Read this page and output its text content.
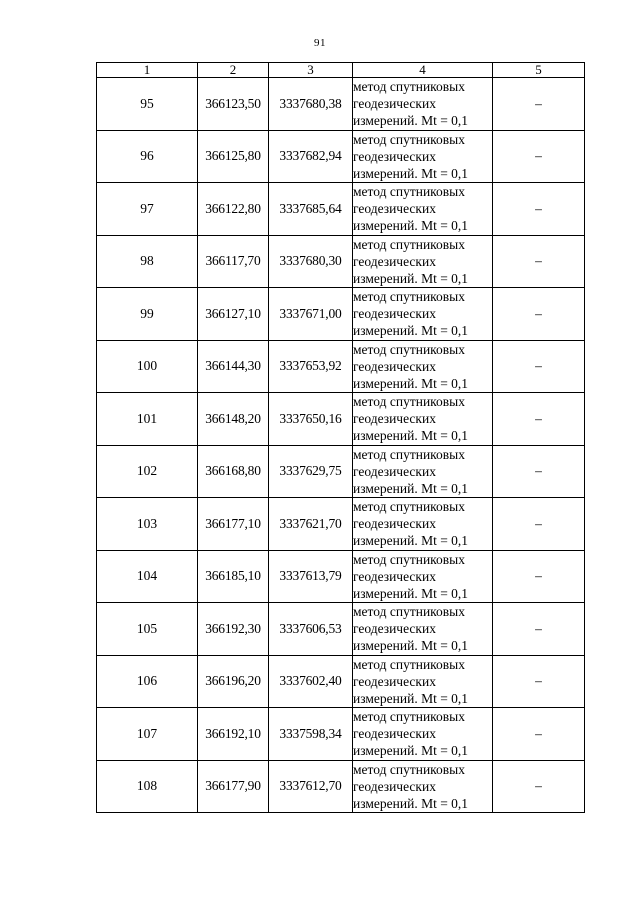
91
1	2	3	4	5
95	366123,50	3337680,38	метод спутниковых
геодезических
измерений. Mt = 0,1	–
96	366125,80	3337682,94	метод спутниковых
геодезических
измерений. Mt = 0,1	–
97	366122,80	3337685,64	метод спутниковых
геодезических
измерений. Mt = 0,1	–
98	366117,70	3337680,30	метод спутниковых
геодезических
измерений. Mt = 0,1	–
99	366127,10	3337671,00	метод спутниковых
геодезических
измерений. Mt = 0,1	–
100	366144,30	3337653,92	метод спутниковых
геодезических
измерений. Mt = 0,1	–
101	366148,20	3337650,16	метод спутниковых
геодезических
измерений. Mt = 0,1	–
102	366168,80	3337629,75	метод спутниковых
геодезических
измерений. Mt = 0,1	–
103	366177,10	3337621,70	метод спутниковых
геодезических
измерений. Mt = 0,1	–
104	366185,10	3337613,79	метод спутниковых
геодезических
измерений. Mt = 0,1	–
105	366192,30	3337606,53	метод спутниковых
геодезических
измерений. Mt = 0,1	–
106	366196,20	3337602,40	метод спутниковых
геодезических
измерений. Mt = 0,1	–
107	366192,10	3337598,34	метод спутниковых
геодезических
измерений. Mt = 0,1	–
108	366177,90	3337612,70	метод спутниковых
геодезических
измерений. Mt = 0,1	–
